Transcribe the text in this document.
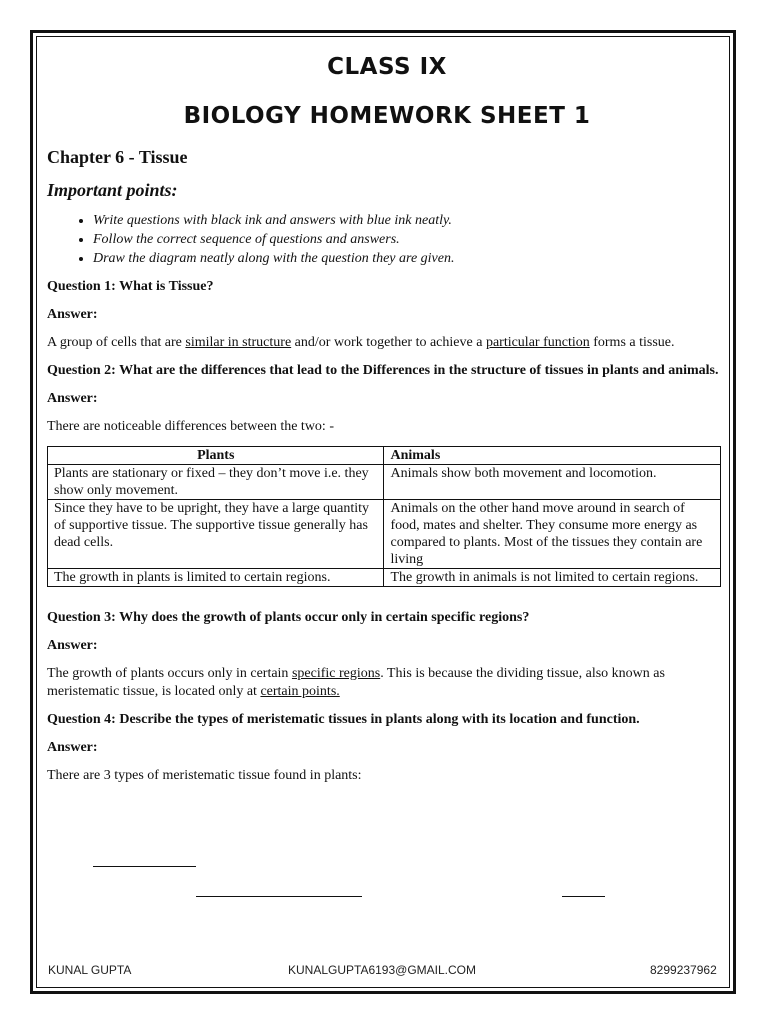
CLASS IX
BIOLOGY HOMEWORK SHEET 1
Chapter 6 - Tissue
Important points:
• Write questions with black ink and answers with blue ink neatly.
• Follow the correct sequence of questions and answers.
• Draw the diagram neatly along with the question they are given.
Question 1: What is Tissue?
Answer:
A group of cells that are similar in structure and/or work together to achieve a particular function forms a tissue.
Question 2: What are the differences that lead to the Differences in the structure of tissues in plants and animals.
Answer:
There are noticeable differences between the two: -
Plants	Animals
Plants are stationary or fixed – they don’t move i.e. they show only movement.	Animals show both movement and locomotion.
Since they have to be upright, they have a large quantity of supportive tissue. The supportive tissue generally has dead cells.	Animals on the other hand move around in search of food, mates and shelter. They consume more energy as compared to plants. Most of the tissues they contain are living
The growth in plants is limited to certain regions.	The growth in animals is not limited to certain regions.
Question 3: Why does the growth of plants occur only in certain specific regions?
Answer:
The growth of plants occurs only in certain specific regions. This is because the dividing tissue, also known as meristematic tissue, is located only at certain points.
Question 4: Describe the types of meristematic tissues in plants along with its location and function.
Answer:
There are 3 types of meristematic tissue found in plants:
KUNAL GUPTA	KUNALGUPTA6193@GMAIL.COM	8299237962
